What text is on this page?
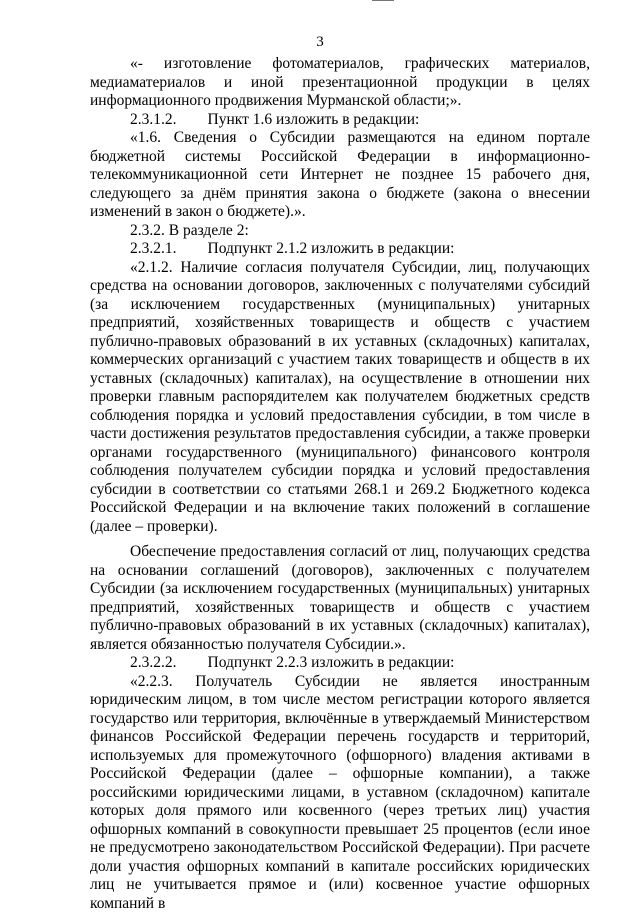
3

«- изготовление фотоматериалов, графических материалов, медиаматериалов и иной презентационной продукции в целях информационного продвижения Мурманской области;».

2.3.1.2.  Пункт 1.6 изложить в редакции:

«1.6. Сведения о Субсидии размещаются на едином портале бюджетной системы Российской Федерации в информационно-телекоммуникационной сети Интернет не позднее 15 рабочего дня, следующего за днём принятия закона о бюджете (закона о внесении изменений в закон о бюджете).».

2.3.2. В разделе 2:

2.3.2.1.  Подпункт 2.1.2 изложить в редакции:

«2.1.2. Наличие согласия получателя Субсидии, лиц, получающих средства на основании договоров, заключенных с получателями субсидий (за исключением государственных (муниципальных) унитарных предприятий, хозяйственных товариществ и обществ с участием публично-правовых образований в их уставных (складочных) капиталах, коммерческих организаций с участием таких товариществ и обществ в их уставных (складочных) капиталах), на осуществление в отношении них проверки главным распорядителем как получателем бюджетных средств соблюдения порядка и условий предоставления субсидии, в том числе в части достижения результатов предоставления субсидии, а также проверки органами государственного (муниципального) финансового контроля соблюдения получателем субсидии порядка и условий предоставления субсидии в соответствии со статьями 268.1 и 269.2 Бюджетного кодекса Российской Федерации и на включение таких положений в соглашение (далее – проверки).

Обеспечение предоставления согласий от лиц, получающих средства на основании соглашений (договоров), заключенных с получателем Субсидии (за исключением государственных (муниципальных) унитарных предприятий, хозяйственных товариществ и обществ с участием публично-правовых образований в их уставных (складочных) капиталах), является обязанностью получателя Субсидии.».

2.3.2.2.  Подпункт 2.2.3 изложить в редакции:

«2.2.3. Получатель Субсидии не является иностранным юридическим лицом, в том числе местом регистрации которого является государство или территория, включённые в утверждаемый Министерством финансов Российской Федерации перечень государств и территорий, используемых для промежуточного (офшорного) владения активами в Российской Федерации (далее – офшорные компании), а также российскими юридическими лицами, в уставном (складочном) капитале которых доля прямого или косвенного (через третьих лиц) участия офшорных компаний в совокупности превышает 25 процентов (если иное не предусмотрено законодательством Российской Федерации). При расчете доли участия офшорных компаний в капитале российских юридических лиц не учитывается прямое и (или) косвенное участие офшорных компаний в
